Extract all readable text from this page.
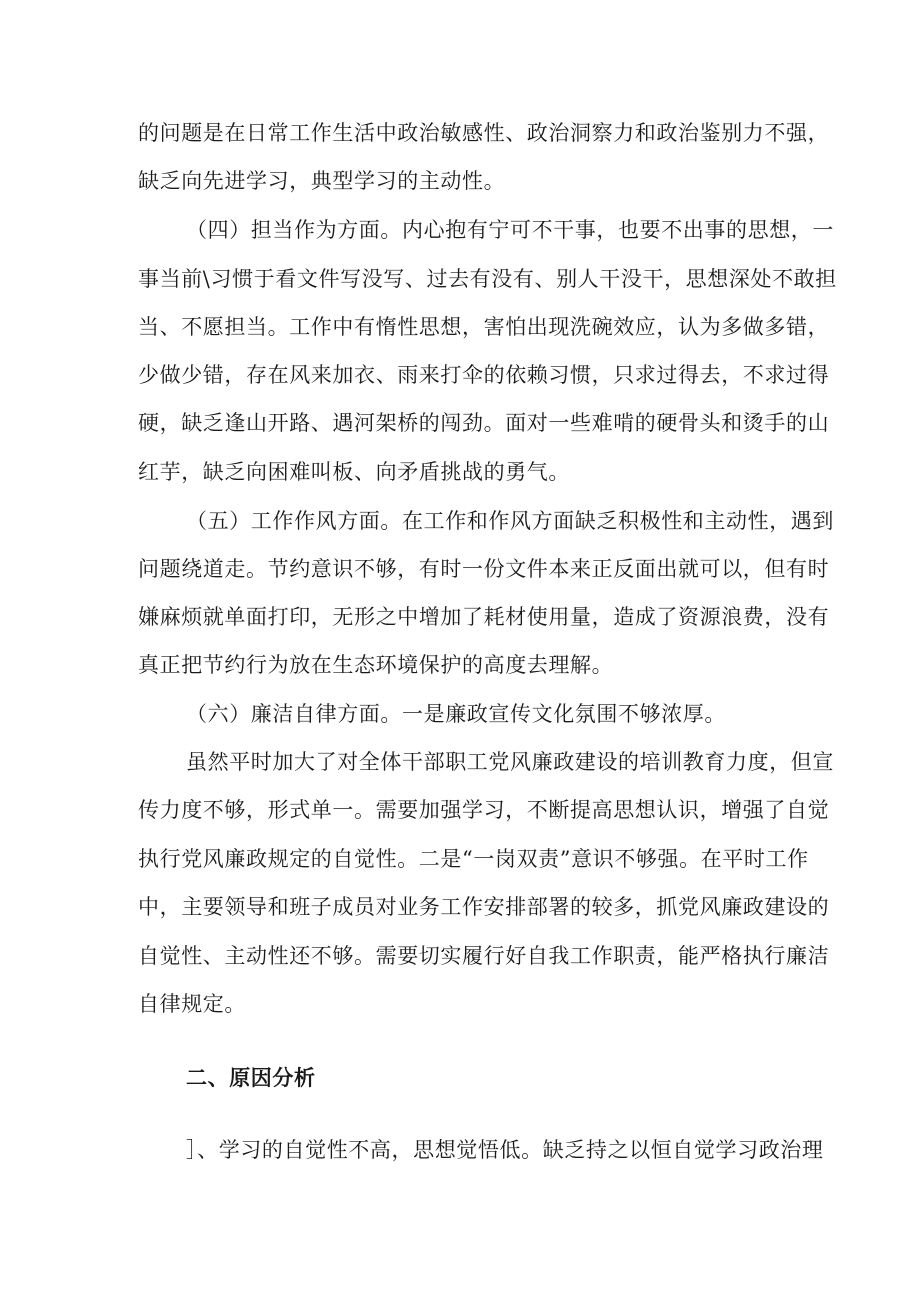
的问题是在日常工作生活中政治敏感性、政治洞察力和政治鉴别力不强，
缺乏向先进学习，典型学习的主动性。
（四）担当作为方面。内心抱有宁可不干事，也要不出事的思想，一
事当前\习惯于看文件写没写、过去有没有、别人干没干，思想深处不敢担
当、不愿担当。工作中有惰性思想，害怕出现洗碗效应，认为多做多错，
少做少错，存在风来加衣、雨来打伞的依赖习惯，只求过得去，不求过得
硬，缺乏逢山开路、遇河架桥的闯劲。面对一些难啃的硬骨头和烫手的山
红芋，缺乏向困难叫板、向矛盾挑战的勇气。
（五）工作作风方面。在工作和作风方面缺乏积极性和主动性，遇到
问题绕道走。节约意识不够，有时一份文件本来正反面出就可以，但有时
嫌麻烦就单面打印，无形之中增加了耗材使用量，造成了资源浪费，没有
真正把节约行为放在生态环境保护的高度去理解。
（六）廉洁自律方面。一是廉政宣传文化氛围不够浓厚。
虽然平时加大了对全体干部职工党风廉政建设的培训教育力度，但宣
传力度不够，形式单一。需要加强学习，不断提高思想认识，增强了自觉
执行党风廉政规定的自觉性。二是“一岗双责”意识不够强。在平时工作
中，主要领导和班子成员对业务工作安排部署的较多，抓党风廉政建设的
自觉性、主动性还不够。需要切实履行好自我工作职责，能严格执行廉洁
自律规定。
二、原因分析
］、学习的自觉性不高，思想觉悟低。缺乏持之以恒自觉学习政治理
